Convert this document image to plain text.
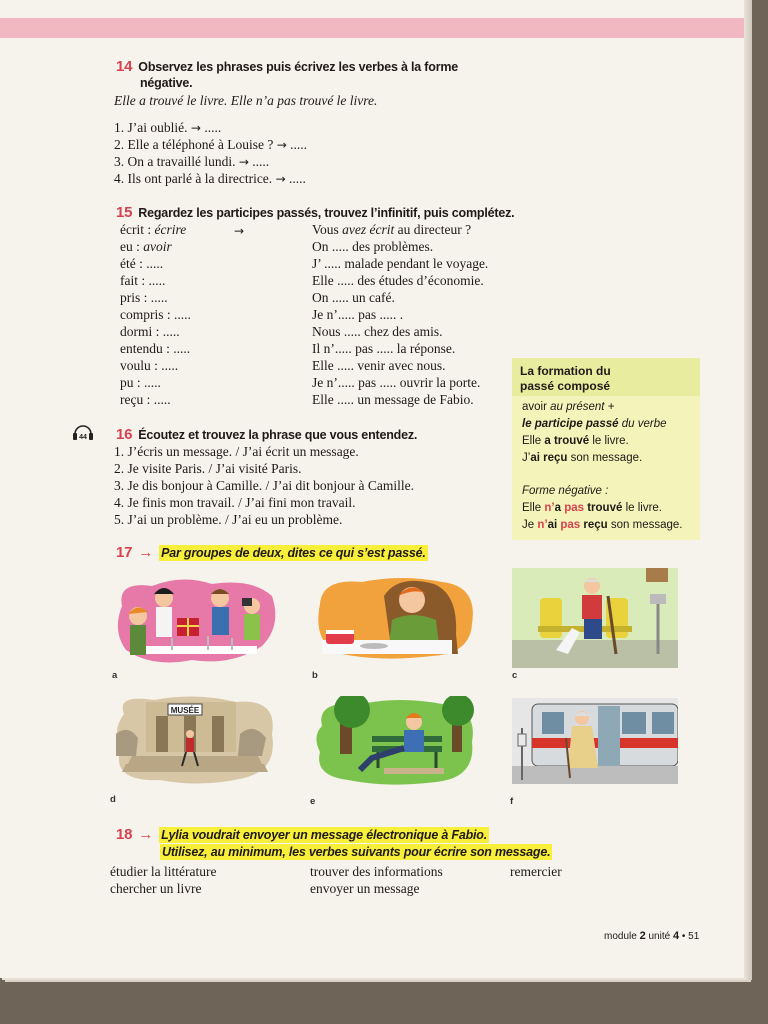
14 Observez les phrases puis écrivez les verbes à la forme
négative.
Elle a trouvé le livre. Elle n’a pas trouvé le livre.
1. J’ai oublié. → .....
2. Elle a téléphoné à Louise ? → .....
3. On a travaillé lundi. → .....
4. Ils ont parlé à la directrice. → .....
15 Regardez les participes passés, trouvez l’infinitif, puis complétez.
écrit : écrire	→	Vous avez écrit au directeur ?
eu : avoir	On ..... des problèmes.
été : .....	J’ ..... malade pendant le voyage.
fait : .....	Elle ..... des études d’économie.
pris : .....	On ..... un café.
compris : .....	Je n’..... pas ..... .
dormi : .....	Nous ..... chez des amis.
entendu : .....	Il n’..... pas ..... la réponse.
voulu : .....	Elle ..... venir avec nous.
pu : .....	Je n’..... pas ..... ouvrir la porte.
reçu : .....	Elle ..... un message de Fabio.
La formation du
passé composé
avoir au présent +
le participe passé du verbe
Elle a trouvé le livre.
J’ai reçu son message.
Forme négative :
Elle n’a pas trouvé le livre.
Je n’ai pas reçu son message.
44 16 Écoutez et trouvez la phrase que vous entendez.
1. J’écris un message. / J’ai écrit un message.
2. Je visite Paris. / J’ai visité Paris.
3. Je dis bonjour à Camille. / J’ai dit bonjour à Camille.
4. Je finis mon travail. / J’ai fini mon travail.
5. J’ai un problème. / J’ai eu un problème.
17 → Par groupes de deux, dites ce qui s’est passé.
a	b	c
MUSÉE
d	e	f
18 → Lylia voudrait envoyer un message électronique à Fabio.
Utilisez, au minimum, les verbes suivants pour écrire son message.
étudier la littérature	trouver des informations	remercier
chercher un livre	envoyer un message
module 2 unité 4 • 51
